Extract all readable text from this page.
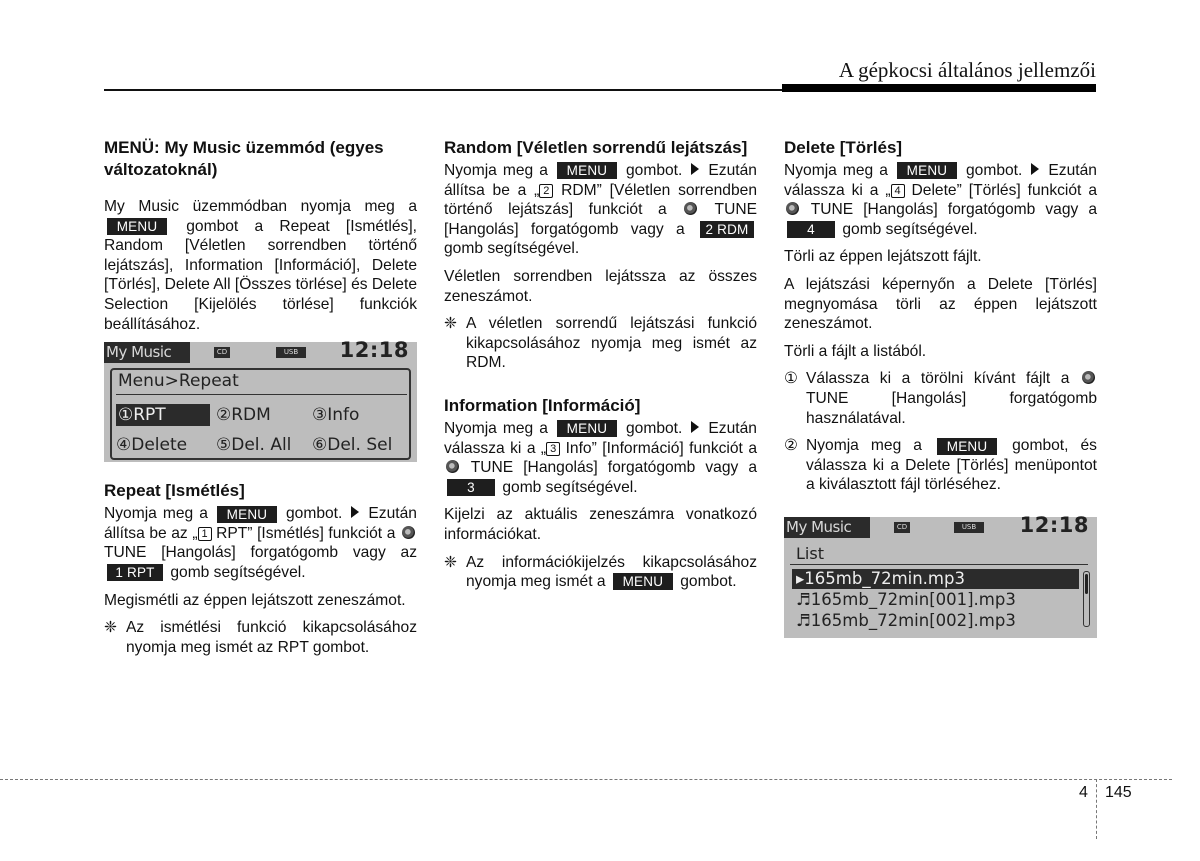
A gépkocsi általános jellemzői
MENÜ: My Music üzemmód (egyes változatoknál)

My Music üzemmódban nyomja meg a MENU gombot a Repeat [Ismétlés], Random [Véletlen sorrendben történő lejátszás], Information [Információ], Delete [Törlés], Delete All [Összes törlése] és Delete Selection [Kijelölés törlése] funkciók beállításához.

My Music	CD	USB	12:18
Menu>Repeat
①RPT	②RDM ③Info
④Delete ⑤Del. All ⑥Del. Sel
Repeat [Ismétlés]

Nyomja meg a MENU gombot. Ezután állítsa be az „ 1 RPT” [Ismétlés] funkciót a  TUNE [Hangolás] forgatógomb vagy az 1 RPT gomb segítségével.

Megismétli az éppen lejátszott zeneszámot.

❈ Az ismétlési funkció kikapcsolásához nyomja meg ismét az RPT gombot.
Random [Véletlen sorrendű lejátszás]

Nyomja meg a MENU gombot. Ezután állítsa be a „ 2 RDM” [Véletlen sorrendben történő lejátszás] funkciót a	TUNE [Hangolás] forgatógomb vagy a 2 RDM gomb segítségével.

Véletlen sorrendben lejátssza az összes zeneszámot.

❈ A véletlen sorrendű lejátszási funkció kikapcsolásához nyomja meg ismét az RDM.
Information [Információ]

Nyomja meg a MENU gombot. Ezután válassza ki a „ 3 Info” [Információ] funkciót a  TUNE [Hangolás] forgatógomb vagy a 3 gomb segítségével.

Kijelzi az aktuális zeneszámra vonatkozó információkat.

❈ Az információkijelzés kikapcsolásához nyomja meg ismét a MENU gombot.
Delete [Törlés]

Nyomja meg a MENU gombot. Ezután válassza ki a „ 4 Delete” [Törlés] funkciót a  TUNE [Hangolás] forgatógomb vagy a 4 gomb segítségével.

Törli az éppen lejátszott fájlt.

A lejátszási képernyőn a Delete [Törlés] megnyomása törli az éppen lejátszott zeneszámot.

Törli a fájlt a listából.

① Válassza ki a törölni kívánt fájlt a  TUNE [Hangolás] forgatógomb használatával.
② Nyomja meg a MENU gombot, és válassza ki a Delete [Törlés] menüpontot a kiválasztott fájl törléséhez.
My Music	CD	USB	12:18
List
▸165mb_72min.mp3
♬165mb_72min[001].mp3
♬165mb_72min[002].mp3
4 145
